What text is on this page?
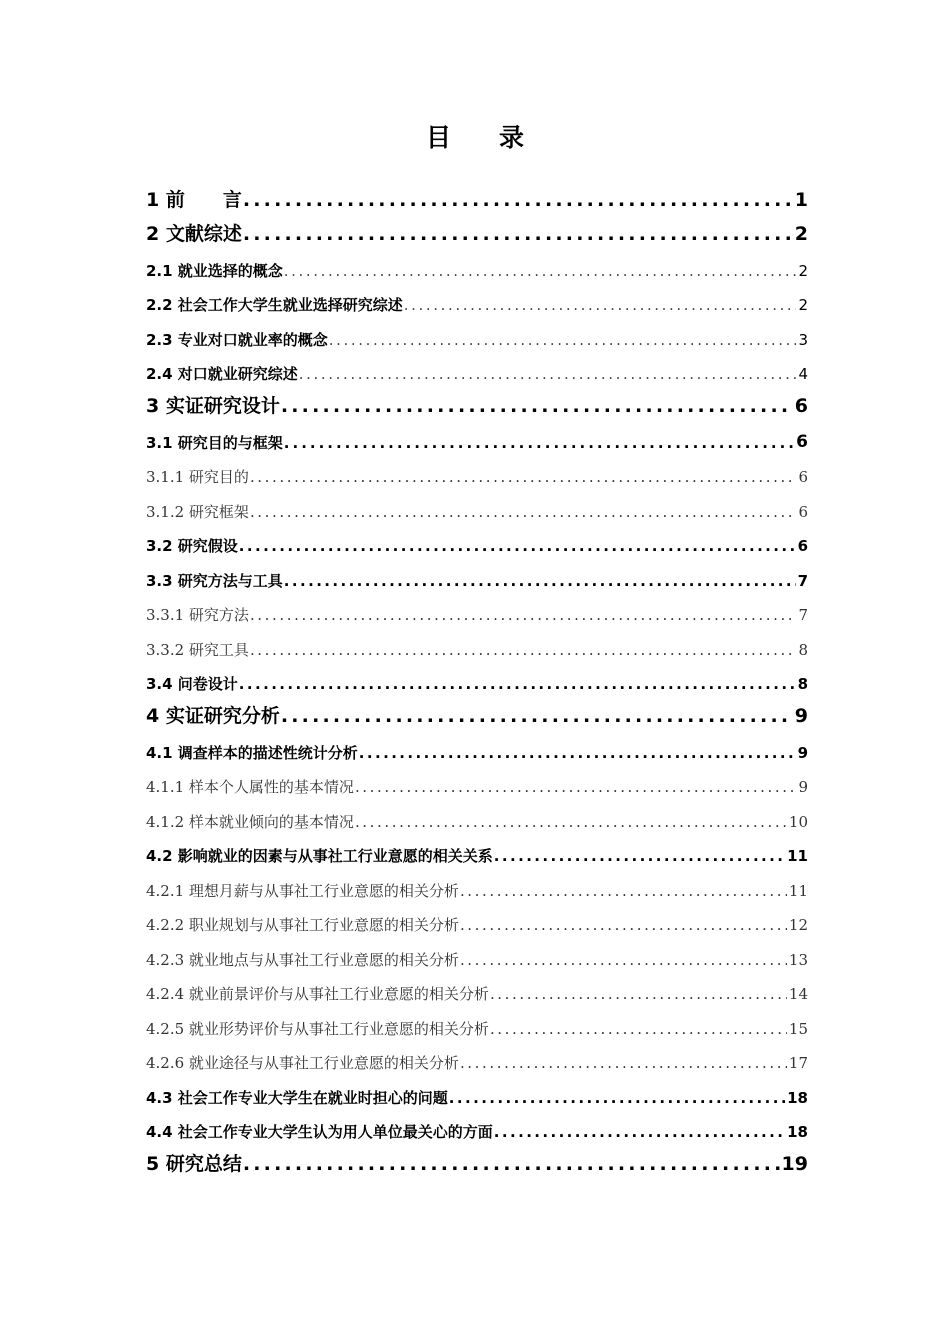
目 录
1 前　　言 .....	1
2 文献综述 .....	2
2.1 就业选择的概念 .....	2
2.2 社会工作大学生就业选择研究综述 .....	2
2.3 专业对口就业率的概念 .....	3
2.4 对口就业研究综述 .....	4
3 实证研究设计 .....	6
3.1 研究目的与框架 .....	6
3.1.1 研究目的 .....	6
3.1.2 研究框架 .....	6
3.2 研究假设 .....	6
3.3 研究方法与工具 .....	7
3.3.1 研究方法 .....	7
3.3.2 研究工具 .....	8
3.4 问卷设计 .....	8
4 实证研究分析 .....	9
4.1 调查样本的描述性统计分析 .....	9
4.1.1 样本个人属性的基本情况 .....	9
4.1.2 样本就业倾向的基本情况 .....	10
4.2 影响就业的因素与从事社工行业意愿的相关关系 .....	11
4.2.1 理想月薪与从事社工行业意愿的相关分析 .....	11
4.2.2 职业规划与从事社工行业意愿的相关分析 .....	12
4.2.3 就业地点与从事社工行业意愿的相关分析 .....	13
4.2.4 就业前景评价与从事社工行业意愿的相关分析 .....	14
4.2.5 就业形势评价与从事社工行业意愿的相关分析 .....	15
4.2.6 就业途径与从事社工行业意愿的相关分析 .....	17
4.3 社会工作专业大学生在就业时担心的问题 .....	18
4.4 社会工作专业大学生认为用人单位最关心的方面 .....	18
5 研究总结 .....	19
